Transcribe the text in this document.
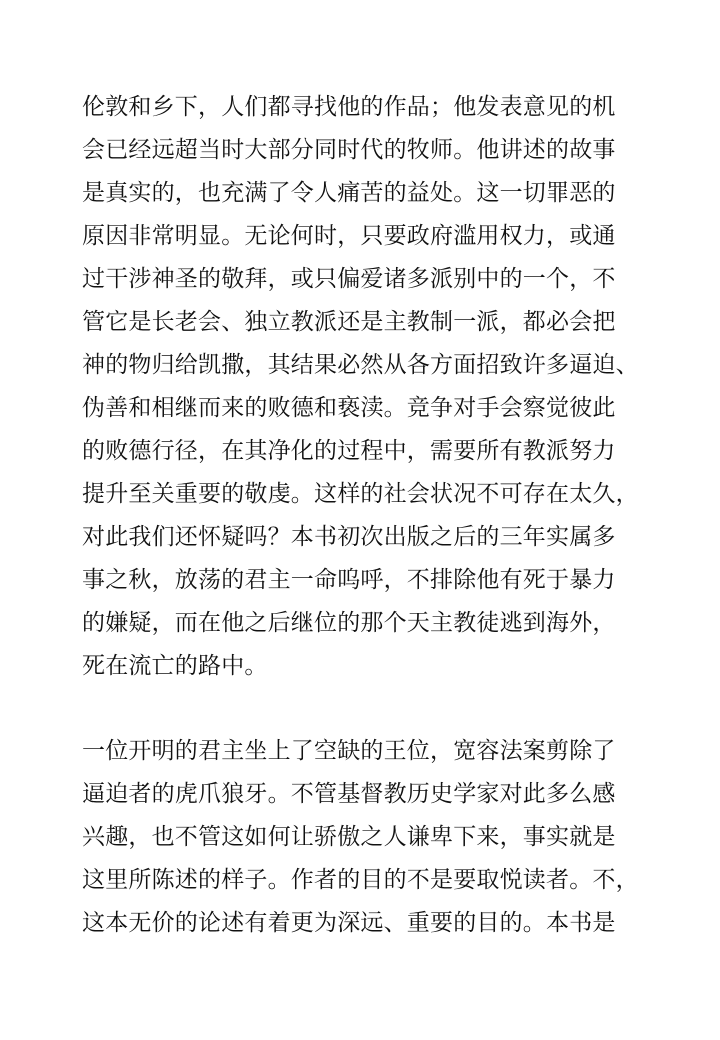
伦敦和乡下，人们都寻找他的作品；他发表意见的机
会已经远超当时大部分同时代的牧师。他讲述的故事
是真实的，也充满了令人痛苦的益处。这一切罪恶的
原因非常明显。无论何时，只要政府滥用权力，或通
过干涉神圣的敬拜，或只偏爱诸多派别中的一个，不
管它是长老会、独立教派还是主教制一派，都必会把
神的物归给凯撒，其结果必然从各方面招致许多逼迫、
伪善和相继而来的败德和亵渎。竞争对手会察觉彼此
的败德行径，在其净化的过程中，需要所有教派努力
提升至关重要的敬虔。这样的社会状况不可存在太久，
对此我们还怀疑吗？本书初次出版之后的三年实属多
事之秋，放荡的君主一命呜呼，不排除他有死于暴力
的嫌疑，而在他之后继位的那个天主教徒逃到海外，
死在流亡的路中。
一位开明的君主坐上了空缺的王位，宽容法案剪除了
逼迫者的虎爪狼牙。不管基督教历史学家对此多么感
兴趣，也不管这如何让骄傲之人谦卑下来，事实就是
这里所陈述的样子。作者的目的不是要取悦读者。不，
这本无价的论述有着更为深远、重要的目的。本书是
